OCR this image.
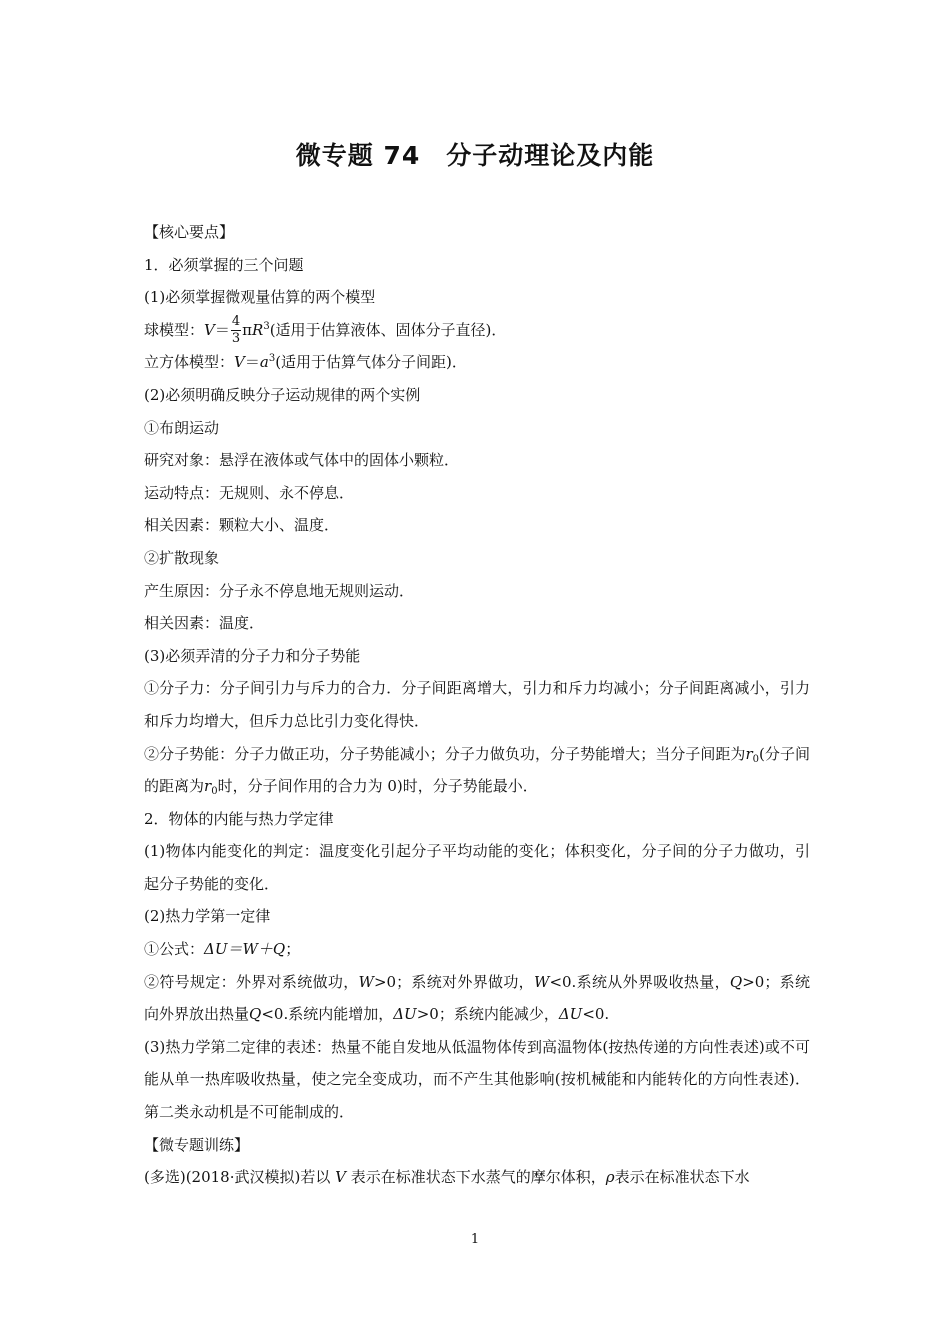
微专题 74　分子动理论及内能
【核心要点】
1．必须掌握的三个问题
(1)必须掌握微观量估算的两个模型
球模型：$V= \frac{4}{3} \pi R^3$(适用于估算液体、固体分子直径)．
立方体模型：$V=a^3$(适用于估算气体分子间距)．
(2)必须明确反映分子运动规律的两个实例
①布朗运动
研究对象：悬浮在液体或气体中的固体小颗粒．
运动特点：无规则、永不停息．
相关因素：颗粒大小、温度．
②扩散现象
产生原因：分子永不停息地无规则运动．
相关因素：温度．
(3)必须弄清的分子力和分子势能
①分子力：分子间引力与斥力的合力．分子间距离增大，引力和斥力均减小；分子间距离减小，引力和斥力均增大，但斥力总比引力变化得快．
②分子势能：分子力做正功，分子势能减小；分子力做负功，分子势能增大；当分子间距为$r_0$(分子间的距离为$r_0$时，分子间作用的合力为 0)时，分子势能最小．
2．物体的内能与热力学定律
(1)物体内能变化的判定：温度变化引起分子平均动能的变化；体积变化，分子间的分子力做功，引起分子势能的变化．
(2)热力学第一定律
①公式：ΔU＝W＋Q；
②符号规定：外界对系统做功，W>0；系统对外界做功，W<0.系统从外界吸收热量，Q>0；系统向外界放出热量Q<0.系统内能增加，ΔU>0；系统内能减少，ΔU<0.
(3)热力学第二定律的表述：热量不能自发地从低温物体传到高温物体(按热传递的方向性表述)或不可能从单一热库吸收热量，使之完全变成功，而不产生其他影响(按机械能和内能转化的方向性表述)．第二类永动机是不可能制成的．
【微专题训练】
(多选)(2018·武汉模拟)若以 V 表示在标准状态下水蒸气的摩尔体积，ρ表示在标准状态下水
1
